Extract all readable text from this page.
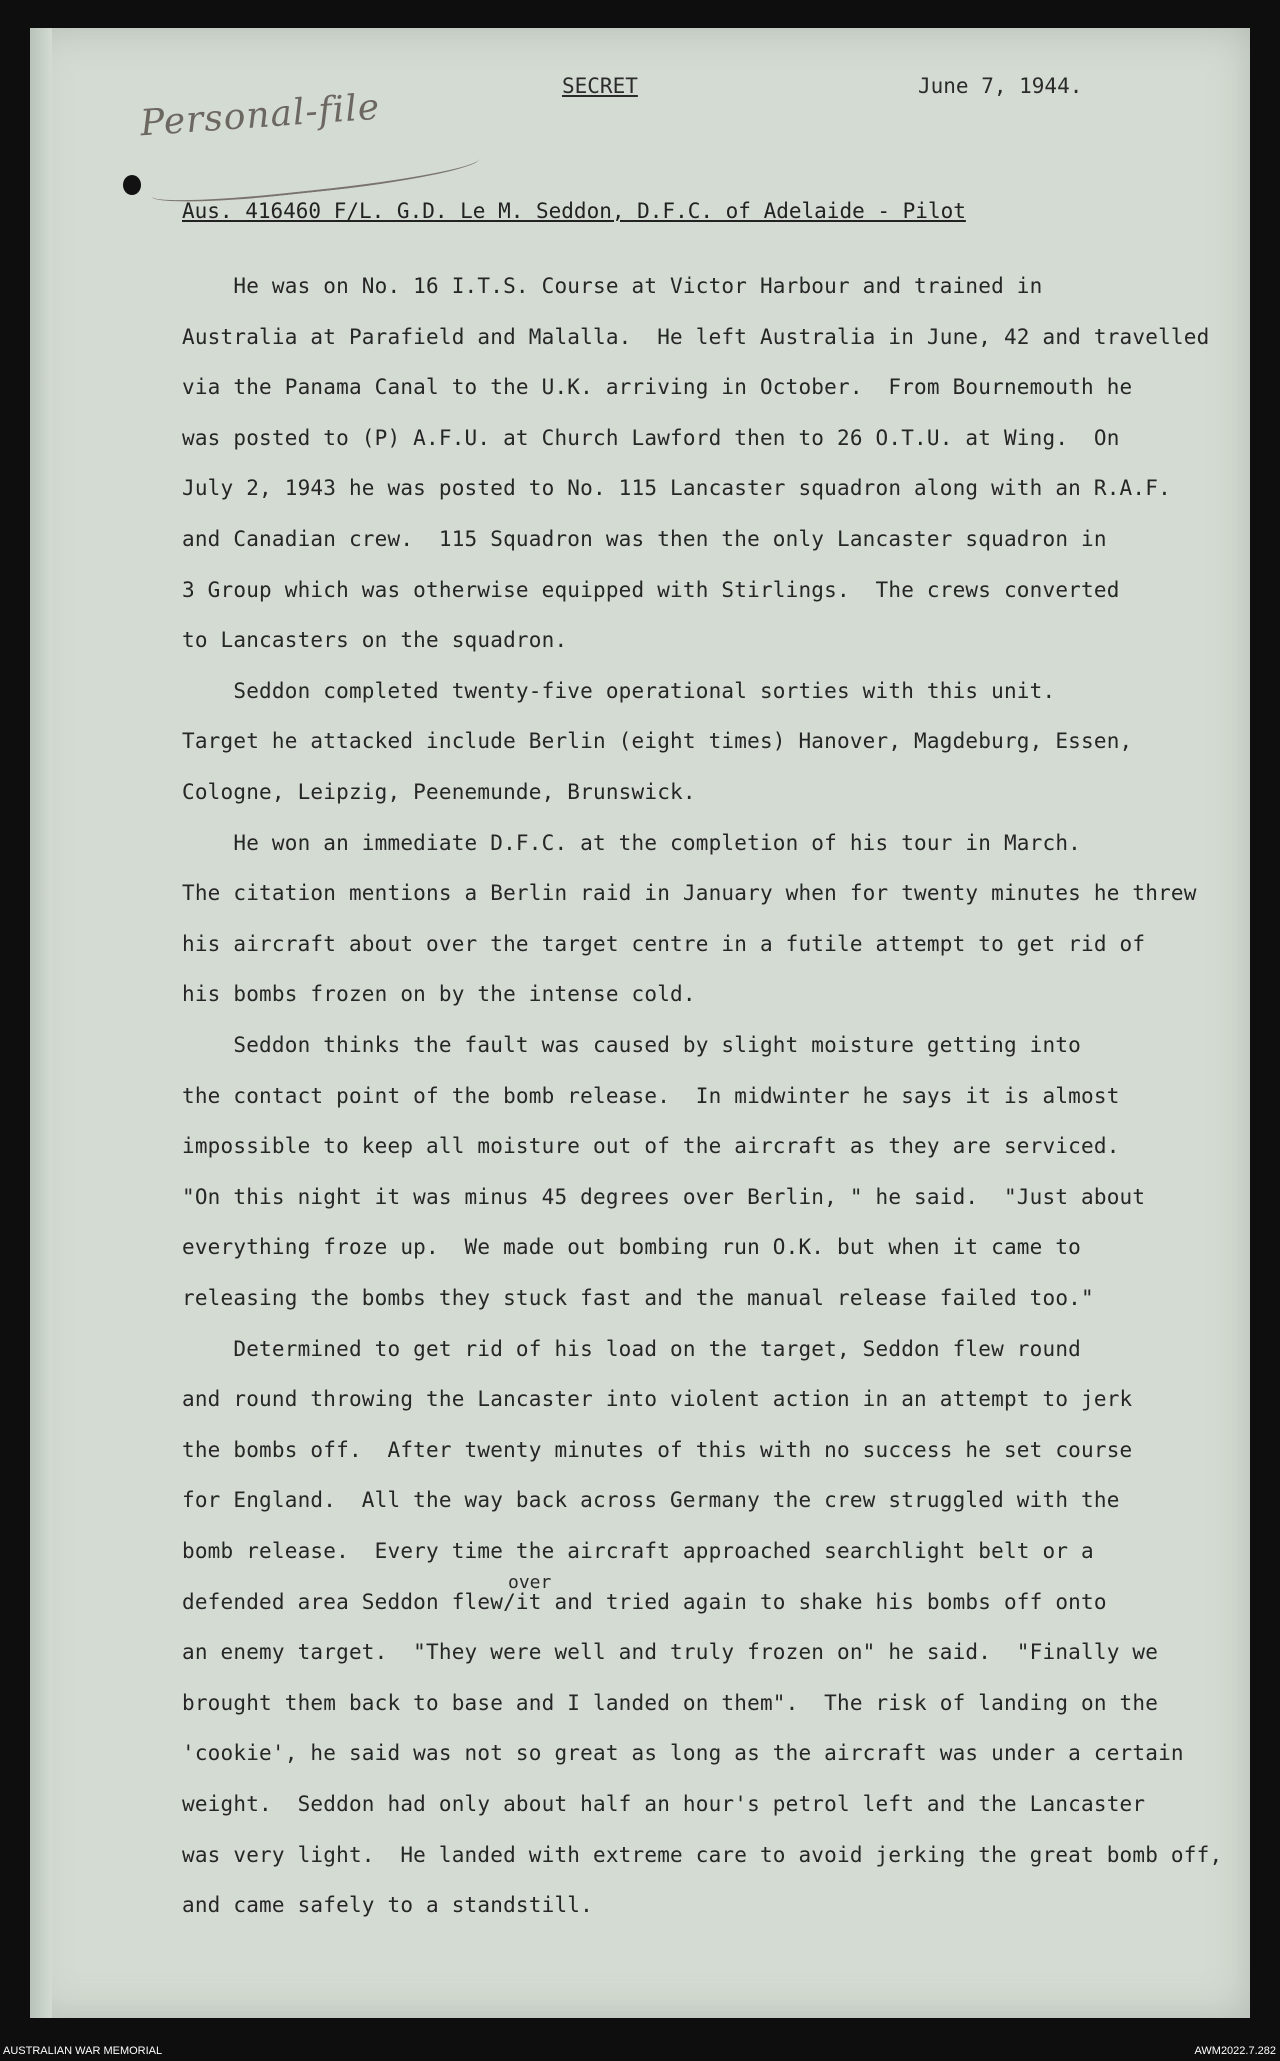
SECRET	June 7, 1944.
Personal-file
Aus. 416460 F/L. G.D. Le M. Seddon, D.F.C. of Adelaide - Pilot
He was on No. 16 I.T.S. Course at Victor Harbour and trained in
Australia at Parafield and Malalla.  He left Australia in June, 42 and travelled
via the Panama Canal to the U.K. arriving in October.  From Bournemouth he
was posted to (P) A.F.U. at Church Lawford then to 26 O.T.U. at Wing.  On
July 2, 1943 he was posted to No. 115 Lancaster squadron along with an R.A.F.
and Canadian crew.  115 Squadron was then the only Lancaster squadron in
3 Group which was otherwise equipped with Stirlings.  The crews converted
to Lancasters on the squadron.
Seddon completed twenty-five operational sorties with this unit.
Target he attacked include Berlin (eight times) Hanover, Magdeburg, Essen,
Cologne, Leipzig, Peenemunde, Brunswick.
He won an immediate D.F.C. at the completion of his tour in March.
The citation mentions a Berlin raid in January when for twenty minutes he threw
his aircraft about over the target centre in a futile attempt to get rid of
his bombs frozen on by the intense cold.
Seddon thinks the fault was caused by slight moisture getting into
the contact point of the bomb release.  In midwinter he says it is almost
impossible to keep all moisture out of the aircraft as they are serviced.
"On this night it was minus 45 degrees over Berlin, " he said.  "Just about
everything froze up.  We made out bombing run O.K. but when it came to
releasing the bombs they stuck fast and the manual release failed too."
Determined to get rid of his load on the target, Seddon flew round
and round throwing the Lancaster into violent action in an attempt to jerk
the bombs off.  After twenty minutes of this with no success he set course
for England.  All the way back across Germany the crew struggled with the
bomb release.  Every time the aircraft approached searchlight belt or a
defended area Seddon flew/it and tried again to shake his bombs off onto
an enemy target.  "They were well and truly frozen on" he said.  "Finally we
brought them back to base and I landed on them".  The risk of landing on the
'cookie', he said was not so great as long as the aircraft was under a certain
weight.  Seddon had only about half an hour's petrol left and the Lancaster
was very light.  He landed with extreme care to avoid jerking the great bomb off,
and came safely to a standstill.
over
AUSTRALIAN WAR MEMORIAL	AWM2022.7.282
